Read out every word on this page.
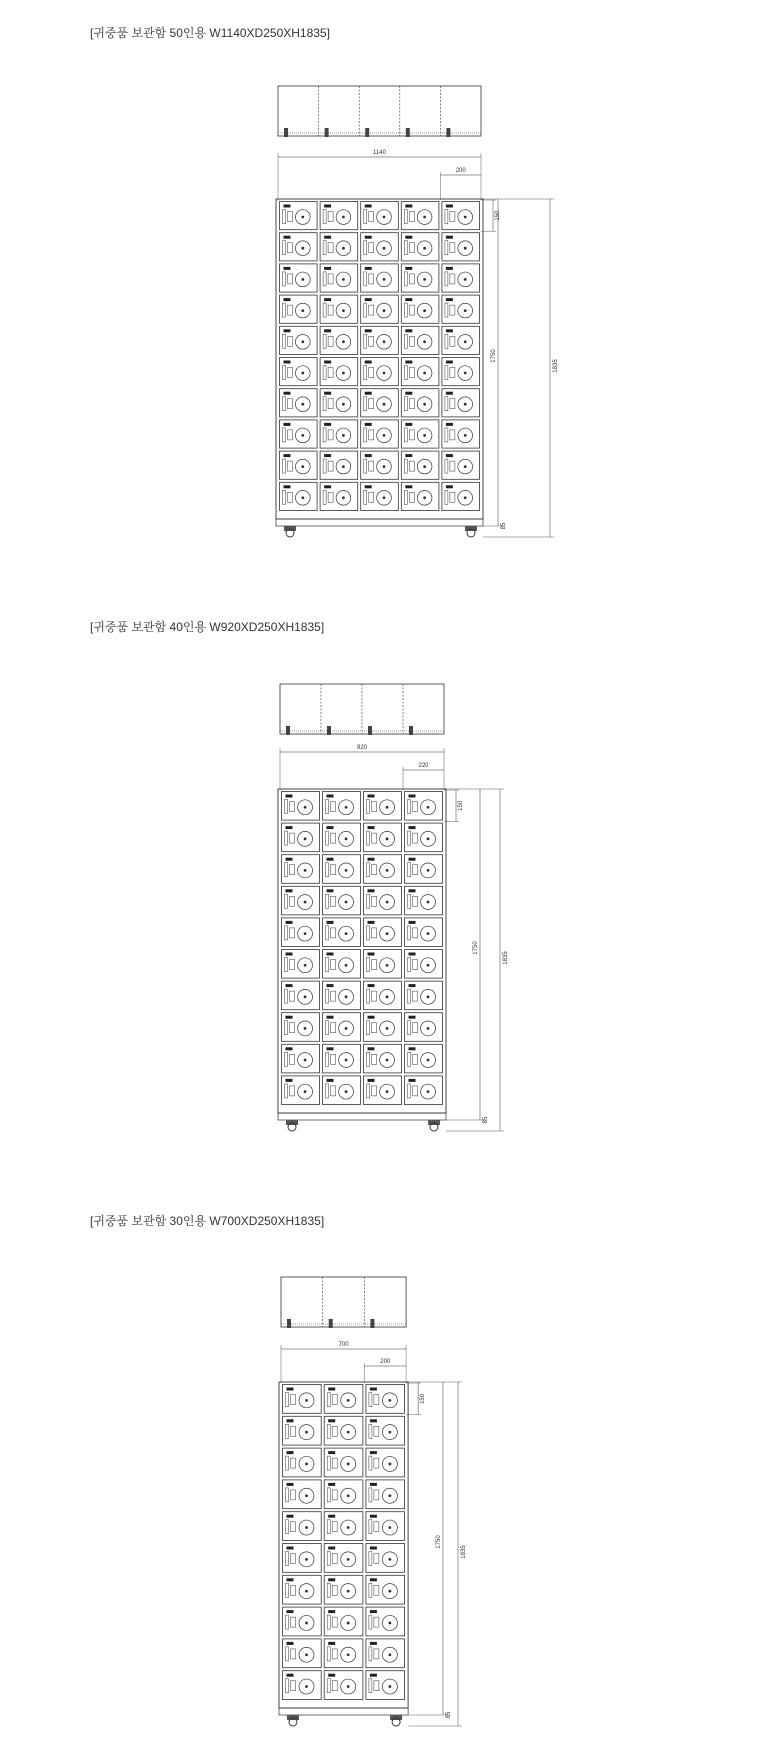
[귀중품 보관함 50인용 W1140XD250XH1835]
1140
200
150
1750
1835
85
[귀중품 보관함 40인용 W920XD250XH1835]
920
220
150
1750
1835
85
[귀중품 보관함 30인용 W700XD250XH1835]
700
200
150
1750
1835
85
